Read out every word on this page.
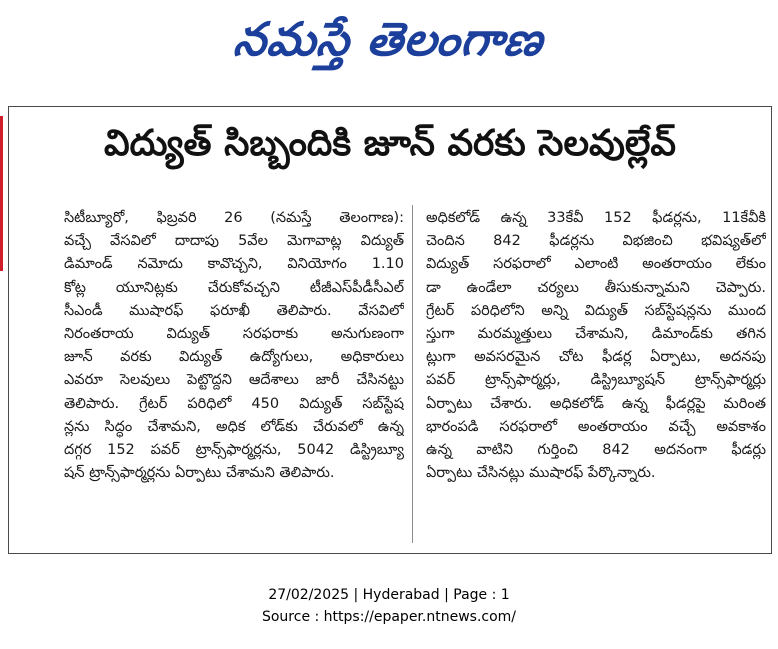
నమస్తే తెలంగాణ
విద్యుత్ సిబ్బందికి జూన్ వరకు సెలవుల్లేవ్
సిటీబ్యూరో, ఫిబ్రవరి 26 (నమస్తే తెలంగాణ):
వచ్చే వేసవిలో దాదాపు 5వేల మెగావాట్ల విద్యుత్
డిమాండ్ నమోదు కావొచ్చని, వినియోగం 1.10
కోట్ల యూనిట్లకు చేరుకోవచ్చని టీజీఎస్‌పీడీసీఎల్
సీఎండీ ముషారఫ్ ఫరూఖీ తెలిపారు. వేసవిలో
నిరంతరాయ విద్యుత్ సరఫరాకు అనుగుణంగా
జూన్ వరకు విద్యుత్ ఉద్యోగులు, అధికారులు
ఎవరూ సెలవులు పెట్టొద్దని ఆదేశాలు జారీ చేసినట్టు
తెలిపారు. గ్రేటర్ పరిధిలో 450 విద్యుత్ సబ్‌స్టేష
న్లను సిద్ధం చేశామని, అధిక లోడ్‌కు చేరువలో ఉన్న
దగ్గర 152 పవర్ ట్రాన్స్‌ఫార్మర్లను, 5042 డిస్ట్రిబ్యూ
షన్ ట్రాన్స్‌ఫార్మర్లను ఏర్పాటు చేశామని తెలిపారు.
అధికలోడ్ ఉన్న 33కేవీ 152 ఫీడర్లను, 11కేవీకి
చెందిన 842 ఫీడర్లను విభజించి భవిష్యత్‌లో
విద్యుత్ సరఫరాలో ఎలాంటి అంతరాయం లేకుం
డా ఉండేలా చర్యలు తీసుకున్నామని చెప్పారు.
గ్రేటర్ పరిధిలోని అన్ని విద్యుత్ సబ్‌స్టేషన్లను ముంద
స్తుగా మరమ్మత్తులు చేశామని, డిమాండ్‌కు తగిన
ట్లుగా అవసరమైన చోట ఫీడర్ల ఏర్పాటు, అదనపు
పవర్ ట్రాన్స్‌ఫార్మర్లు, డిస్ట్రిబ్యూషన్ ట్రాన్స్‌ఫార్మర్లు
ఏర్పాటు చేశారు. అధికలోడ్ ఉన్న ఫీడర్లపై మరింత
భారంపడి సరఫరాలో అంతరాయం వచ్చే అవకాశం
ఉన్న వాటిని గుర్తించి 842 అదనంగా ఫీడర్లు
ఏర్పాటు చేసినట్లు ముషారఫ్ పేర్కొన్నారు.
27/02/2025 | Hyderabad | Page : 1
Source : https://epaper.ntnews.com/
